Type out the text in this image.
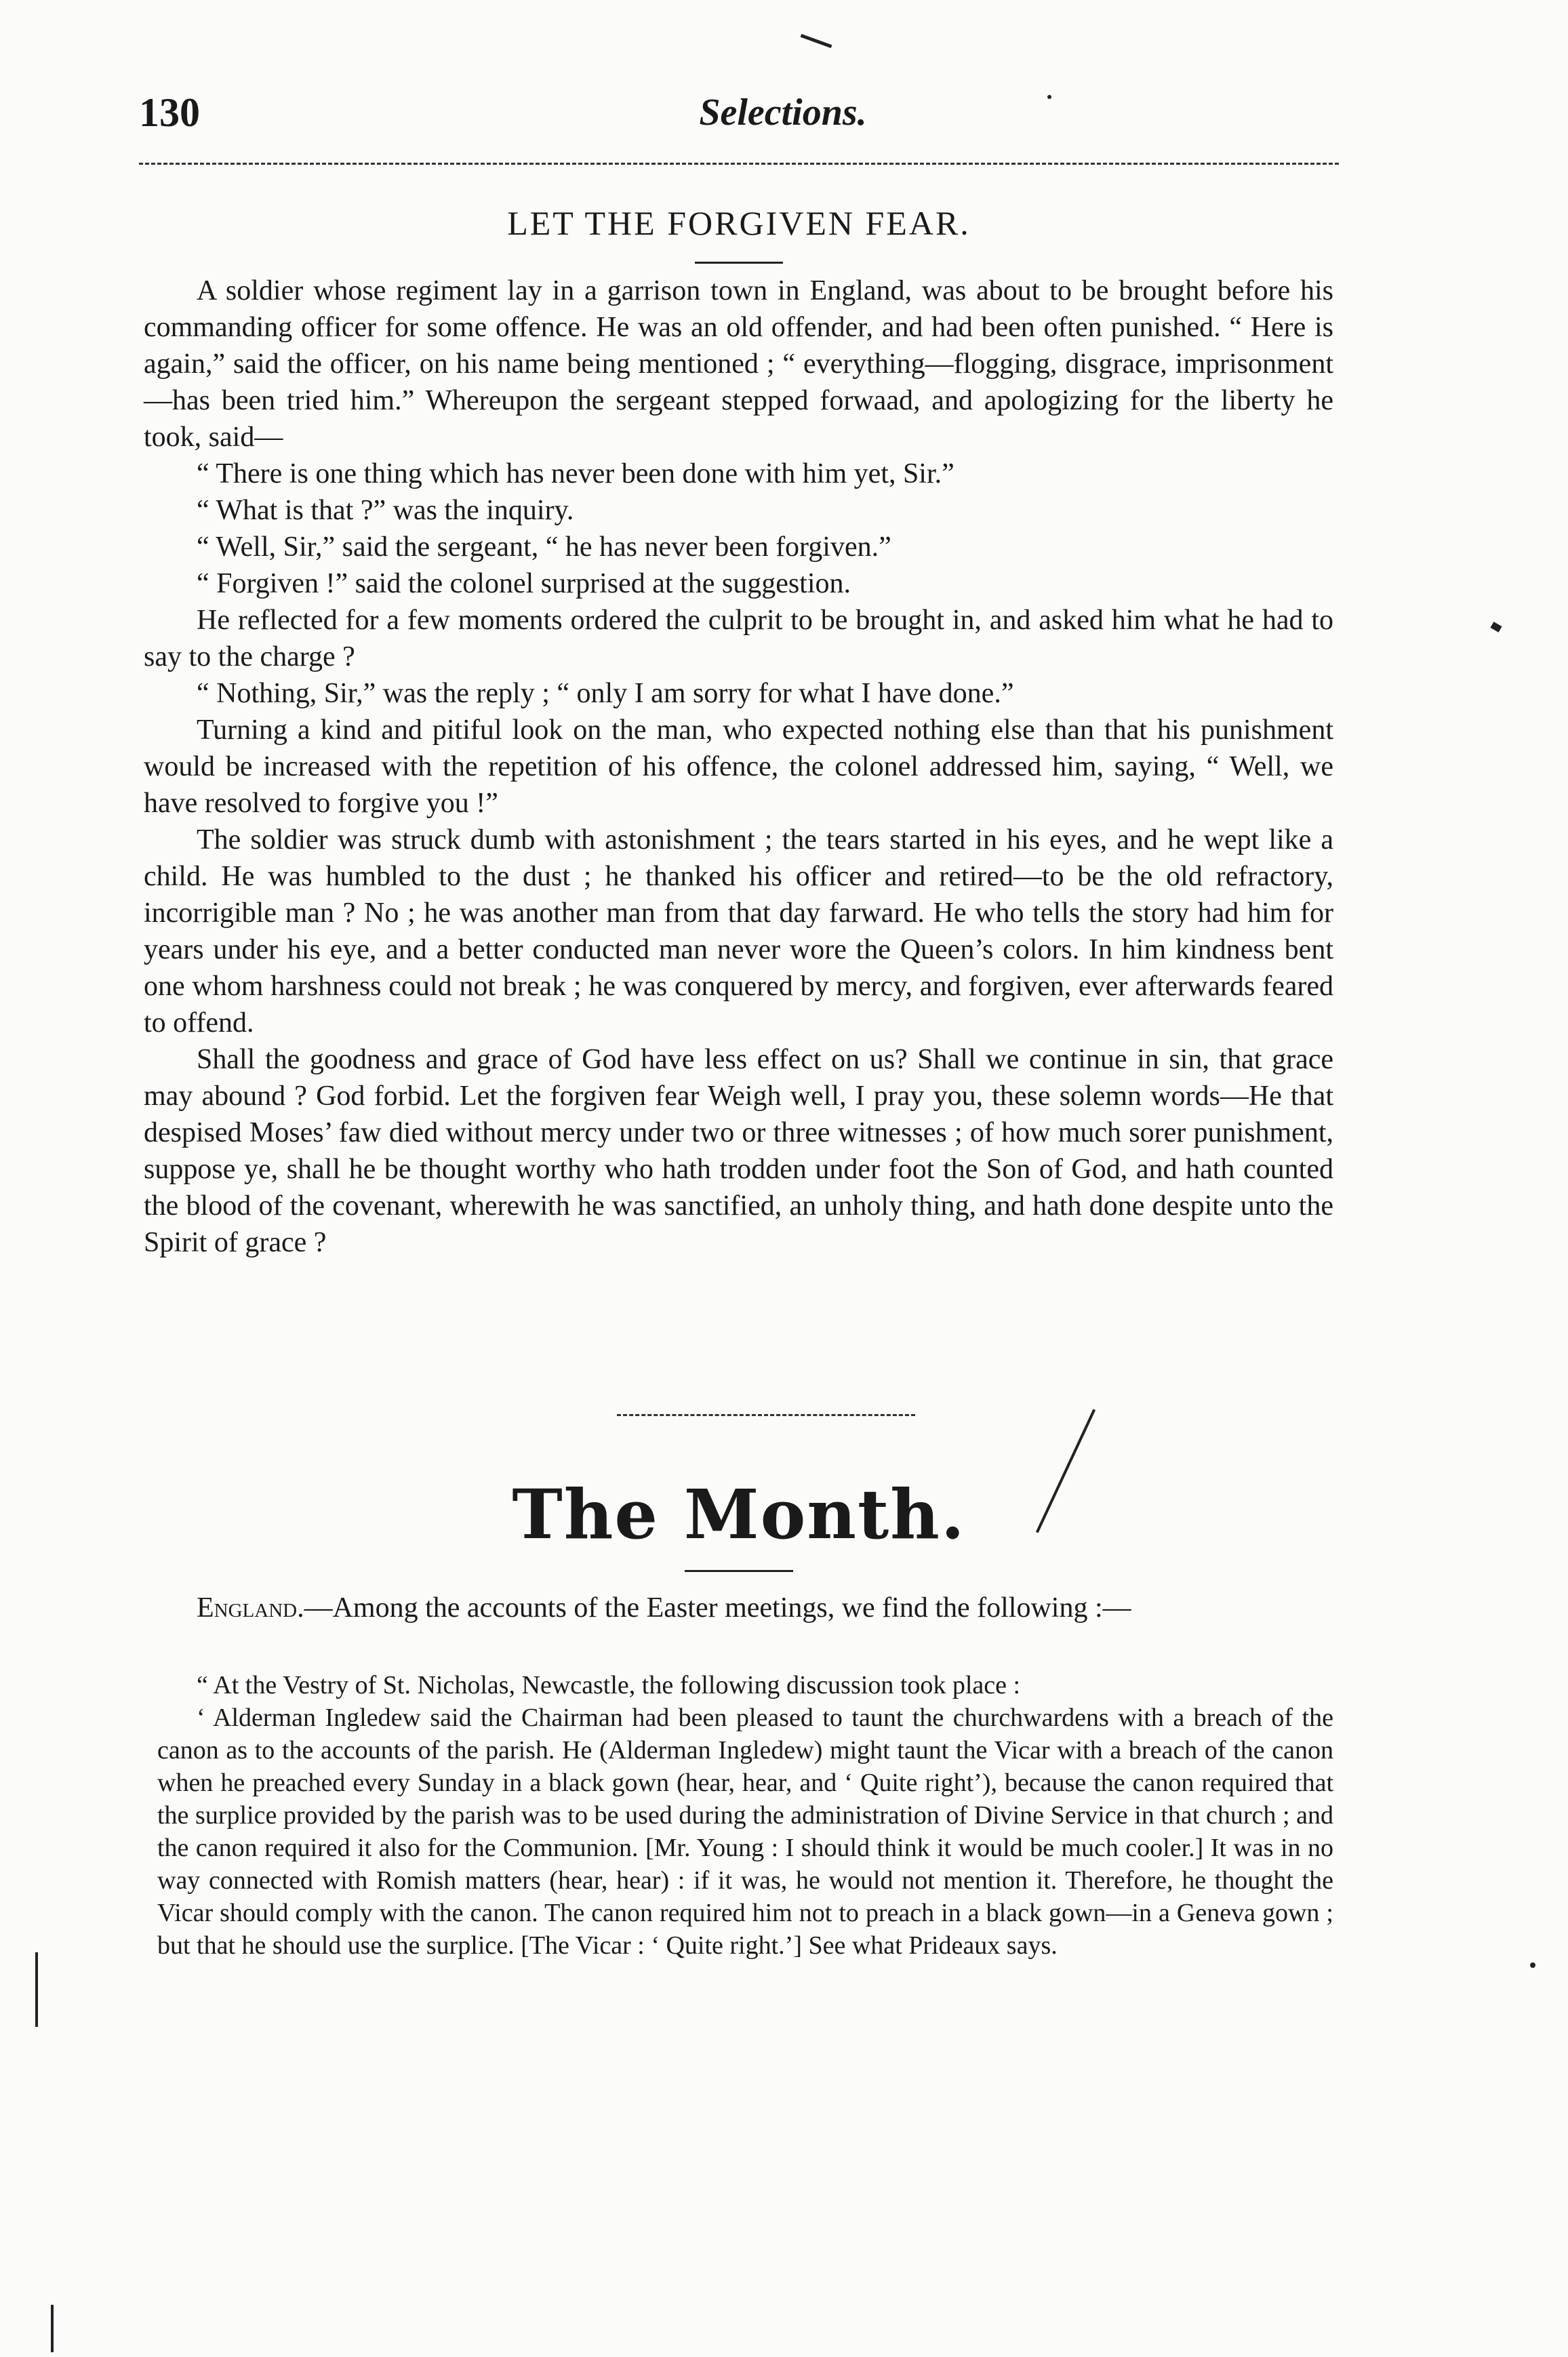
130	Selections.
LET THE FORGIVEN FEAR.

A soldier whose regiment lay in a garrison town in England, was about to be brought before his commanding officer for some offence. He was an old offender, and had been often punished. “ Here is again,” said the officer, on his name being mentioned ; “ everything—flogging, disgrace, imprisonment—has been tried him.” Whereupon the sergeant stepped forwaad, and apologizing for the liberty he took, said—

“ There is one thing which has never been done with him yet, Sir.”

“ What is that ?” was the inquiry.

“ Well, Sir,” said the sergeant, “ he has never been forgiven.”

“ Forgiven !” said the colonel surprised at the suggestion.

He reflected for a few moments ordered the culprit to be brought in, and asked him what he had to say to the charge ?

“ Nothing, Sir,” was the reply ; “ only I am sorry for what I have done.”

Turning a kind and pitiful look on the man, who expected nothing else than that his punishment would be increased with the repetition of his offence, the colonel addressed him, saying, “ Well, we have resolved to forgive you !”

The soldier was struck dumb with astonishment ; the tears started in his eyes, and he wept like a child. He was humbled to the dust ; he thanked his officer and retired—to be the old refractory, incorrigible man ? No ; he was another man from that day farward. He who tells the story had him for years under his eye, and a better conducted man never wore the Queen’s colors. In him kindness bent one whom harshness could not break ; he was conquered by mercy, and forgiven, ever afterwards feared to offend.

Shall the goodness and grace of God have less effect on us? Shall we continue in sin, that grace may abound ? God forbid. Let the forgiven fear Weigh well, I pray you, these solemn words—He that despised Moses’ faw died without mercy under two or three witnesses ; of how much sorer punishment, suppose ye, shall he be thought worthy who hath trodden under foot the Son of God, and hath counted the blood of the covenant, wherewith he was sanctified, an unholy thing, and hath done despite unto the Spirit of grace ?

The Month.

England.—Among the accounts of the Easter meetings, we find the following :—

“ At the Vestry of St. Nicholas, Newcastle, the following discussion took place :

‘ Alderman Ingledew said the Chairman had been pleased to taunt the churchwardens with a breach of the canon as to the accounts of the parish. He (Alderman Ingledew) might taunt the Vicar with a breach of the canon when he preached every Sunday in a black gown (hear, hear, and ‘ Quite right’), because the canon required that the surplice provided by the parish was to be used during the administration of Divine Service in that church ; and the canon required it also for the Communion. [Mr. Young : I should think it would be much cooler.] It was in no way connected with Romish matters (hear, hear) : if it was, he would not mention it. Therefore, he thought the Vicar should comply with the canon. The canon required him not to preach in a black gown—in a Geneva gown ; but that he should use the surplice. [The Vicar : ‘ Quite right.’] See what Prideaux says.
